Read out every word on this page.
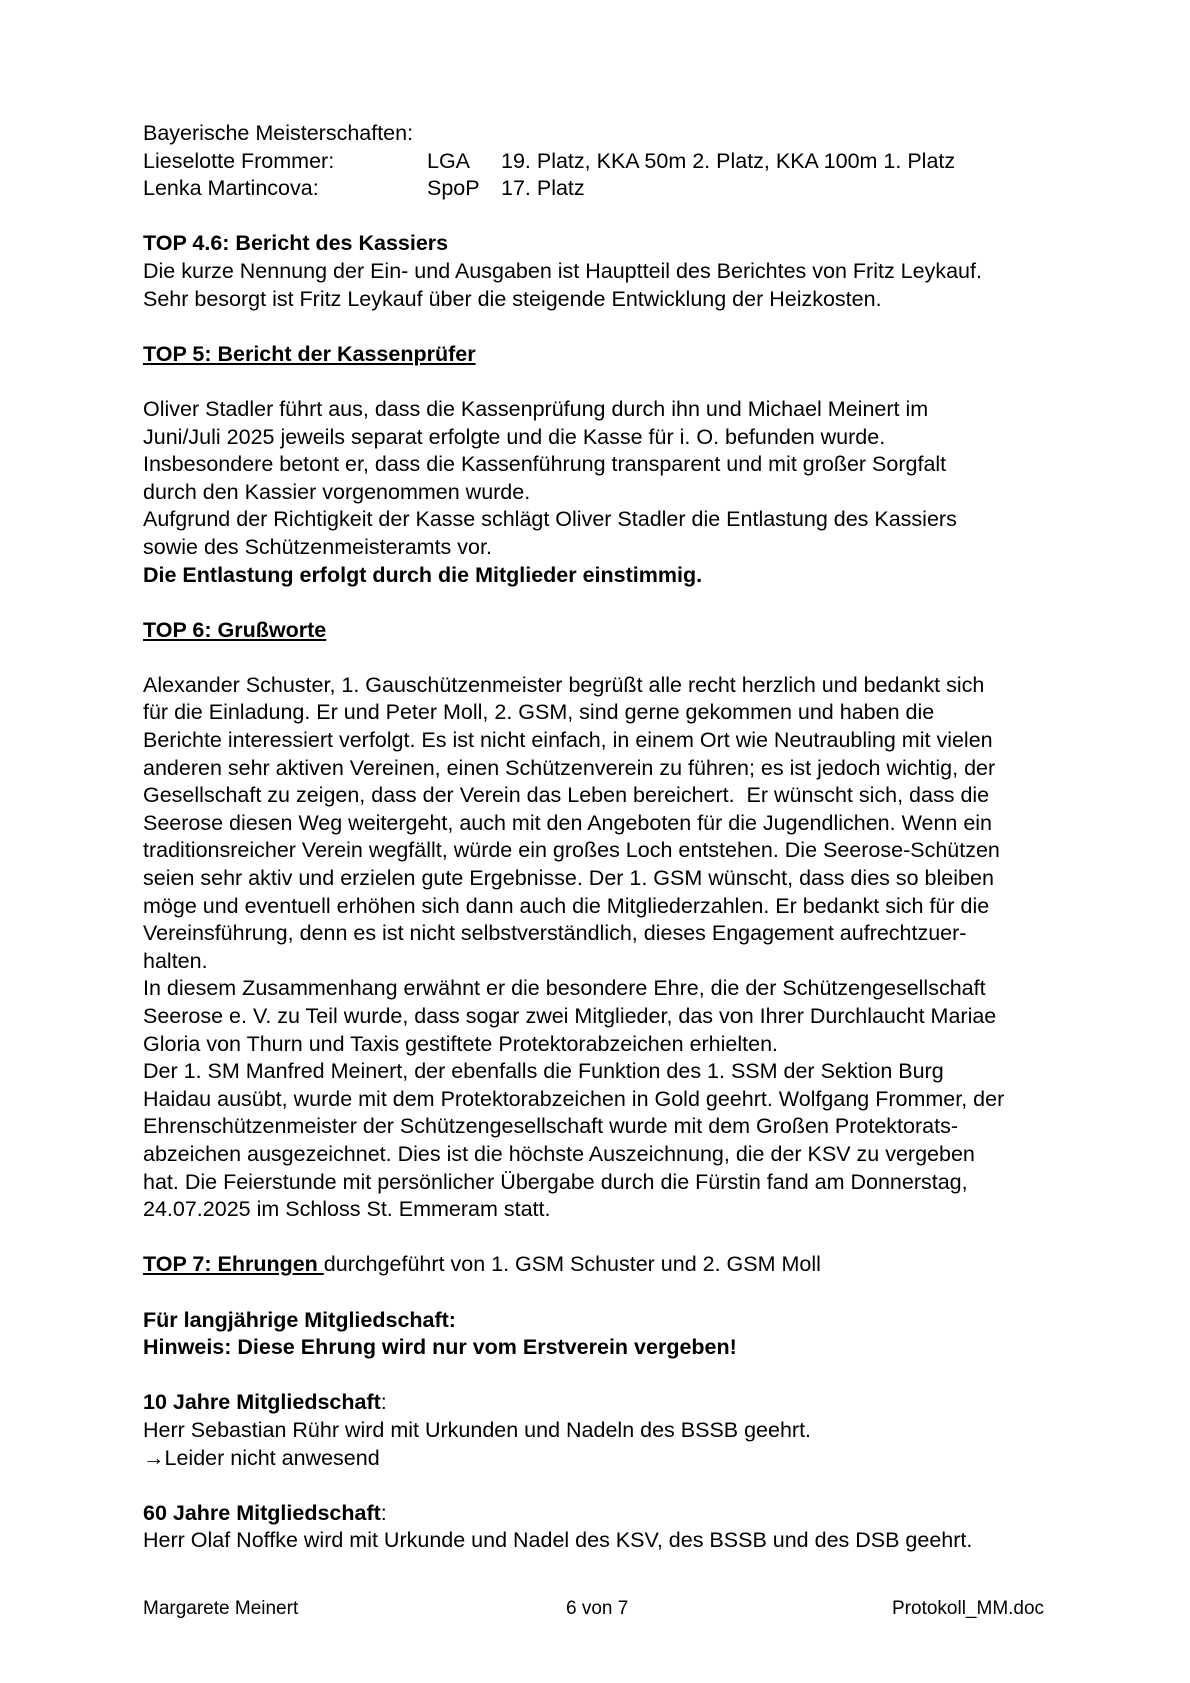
Bayerische Meisterschaften:
Lieselotte Frommer:	LGA	19. Platz, KKA 50m 2. Platz, KKA 100m 1. Platz
Lenka Martincova:	SpoP 17. Platz
TOP 4.6: Bericht des Kassiers
Die kurze Nennung der Ein- und Ausgaben ist Hauptteil des Berichtes von Fritz Leykauf.
Sehr besorgt ist Fritz Leykauf über die steigende Entwicklung der Heizkosten.
TOP 5: Bericht der Kassenprüfer
Oliver Stadler führt aus, dass die Kassenprüfung durch ihn und Michael Meinert im
Juni/Juli 2025 jeweils separat erfolgte und die Kasse für i. O. befunden wurde.
Insbesondere betont er, dass die Kassenführung transparent und mit großer Sorgfalt
durch den Kassier vorgenommen wurde.
Aufgrund der Richtigkeit der Kasse schlägt Oliver Stadler die Entlastung des Kassiers
sowie des Schützenmeisteramts vor.
Die Entlastung erfolgt durch die Mitglieder einstimmig.
TOP 6: Grußworte
Alexander Schuster, 1. Gauschützenmeister begrüßt alle recht herzlich und bedankt sich
für die Einladung. Er und Peter Moll, 2. GSM, sind gerne gekommen und haben die
Berichte interessiert verfolgt. Es ist nicht einfach, in einem Ort wie Neutraubling mit vielen
anderen sehr aktiven Vereinen, einen Schützenverein zu führen; es ist jedoch wichtig, der
Gesellschaft zu zeigen, dass der Verein das Leben bereichert.  Er wünscht sich, dass die
Seerose diesen Weg weitergeht, auch mit den Angeboten für die Jugendlichen. Wenn ein
traditionsreicher Verein wegfällt, würde ein großes Loch entstehen. Die Seerose-Schützen
seien sehr aktiv und erzielen gute Ergebnisse. Der 1. GSM wünscht, dass dies so bleiben
möge und eventuell erhöhen sich dann auch die Mitgliederzahlen. Er bedankt sich für die
Vereinsführung, denn es ist nicht selbstverständlich, dieses Engagement aufrechtzuer-
halten.
In diesem Zusammenhang erwähnt er die besondere Ehre, die der Schützengesellschaft
Seerose e. V. zu Teil wurde, dass sogar zwei Mitglieder, das von Ihrer Durchlaucht Mariae
Gloria von Thurn und Taxis gestiftete Protektorabzeichen erhielten.
Der 1. SM Manfred Meinert, der ebenfalls die Funktion des 1. SSM der Sektion Burg
Haidau ausübt, wurde mit dem Protektorabzeichen in Gold geehrt. Wolfgang Frommer, der
Ehrenschützenmeister der Schützengesellschaft wurde mit dem Großen Protektorats-
abzeichen ausgezeichnet. Dies ist die höchste Auszeichnung, die der KSV zu vergeben
hat. Die Feierstunde mit persönlicher Übergabe durch die Fürstin fand am Donnerstag,
24.07.2025 im Schloss St. Emmeram statt.
TOP 7: Ehrungen durchgeführt von 1. GSM Schuster und 2. GSM Moll
Für langjährige Mitgliedschaft:
Hinweis: Diese Ehrung wird nur vom Erstverein vergeben!
10 Jahre Mitgliedschaft:
Herr Sebastian Rühr wird mit Urkunden und Nadeln des BSSB geehrt.
→Leider nicht anwesend
60 Jahre Mitgliedschaft:
Herr Olaf Noffke wird mit Urkunde und Nadel des KSV, des BSSB und des DSB geehrt.
Margarete Meinert	6 von 7	Protokoll_MM.doc
